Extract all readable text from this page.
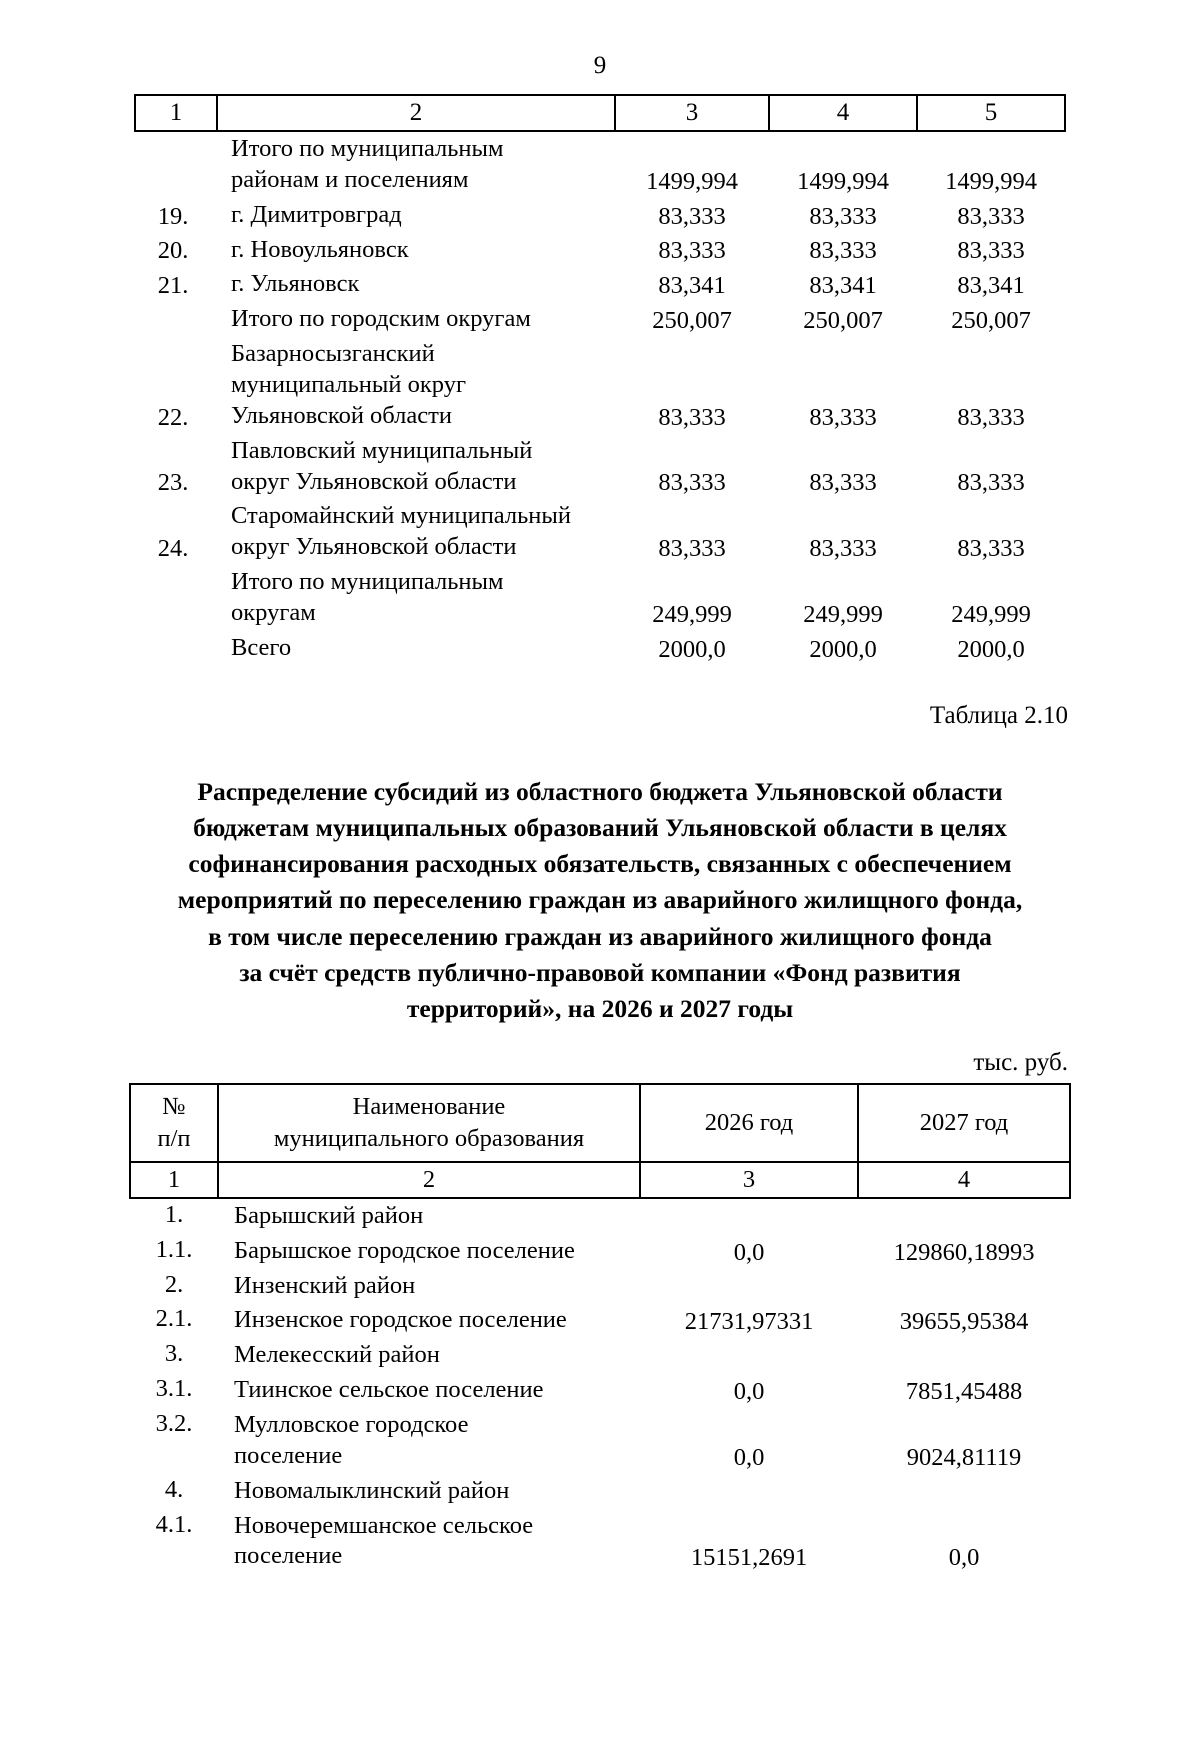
9
1	2	3	4	5

	Итого по муниципальным
районам и поселениям	1499,994	1499,994	1499,994
19.	г. Димитровград	83,333	83,333	83,333
20.	г. Новоульяновск	83,333	83,333	83,333
21.	г. Ульяновск	83,341	83,341	83,341

	Итого по городским округам	250,007	250,007	250,007
22.	Базарносызганский
муниципальный округ
Ульяновской области	83,333	83,333	83,333
23.	Павловский муниципальный
округ Ульяновской области	83,333	83,333	83,333
24.	Старомайнский муниципальный
округ Ульяновской области	83,333	83,333	83,333

	Итого по муниципальным
округам	249,999	249,999	249,999

	Всего	2000,0	2000,0	2000,0
Таблица 2.10
Распределение субсидий из областного бюджета Ульяновской области
бюджетам муниципальных образований Ульяновской области в целях
софинансирования расходных обязательств, связанных с обеспечением
мероприятий по переселению граждан из аварийного жилищного фонда,
в том числе переселению граждан из аварийного жилищного фонда
за счёт средств публично-правовой компании «Фонд развития
территорий», на 2026 и 2027 годы
тыс. руб.
№
п/п	Наименование
муниципального образования	2026 год	2027 год
1	2	3	4
1.	Барышский район		

1.1.	Барышское городское поселение	0,0	129860,18993
2.	Инзенский район		

2.1.	Инзенское городское поселение	21731,97331	39655,95384
3.	Мелекесский район		

3.1.	Тиинское сельское поселение	0,0	7851,45488
3.2.	Мулловское городское
поселение	0,0	9024,81119
4.	Новомалыклинский район		

4.1.	Новочеремшанское сельское
поселение	15151,2691	0,0
